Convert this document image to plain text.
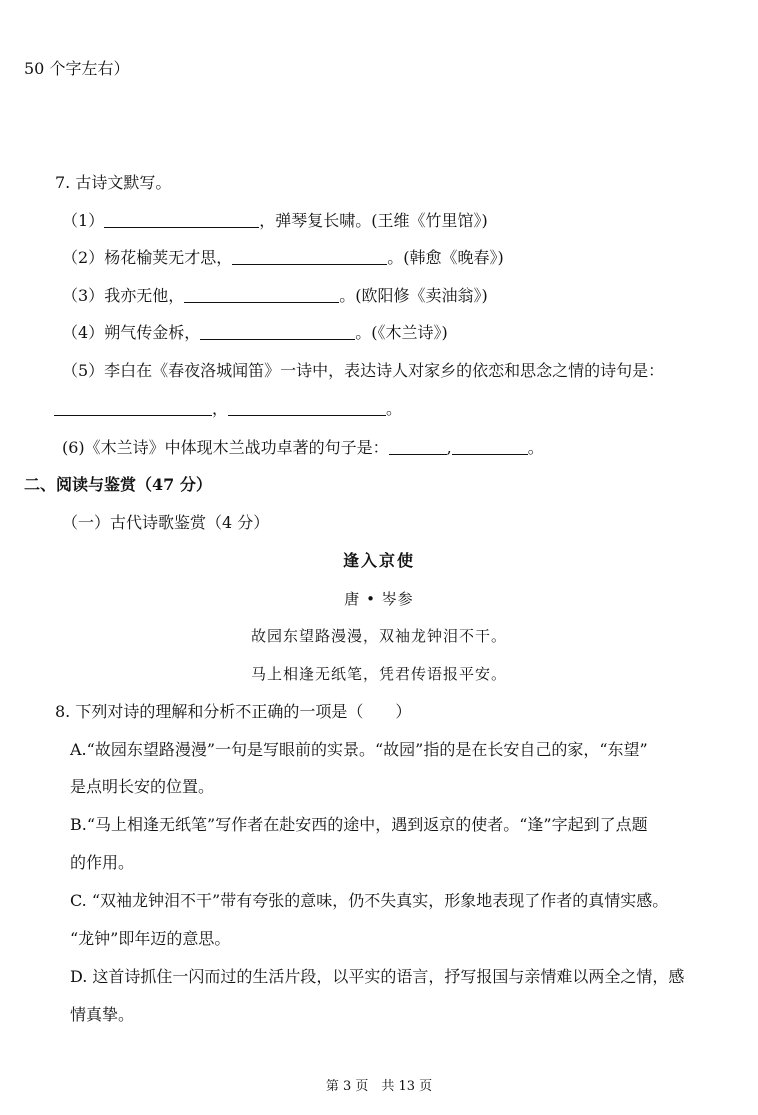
50 个字左右）
7. 古诗文默写。
（1）	，弹琴复长啸。(王维《竹里馆》)
（2）杨花榆荚无才思，	。(韩愈《晚春》)
（3）我亦无他，	。(欧阳修《卖油翁》)
（4）朔气传金柝，	。(《木兰诗》)
（5）李白在《春夜洛城闻笛》一诗中，表达诗人对家乡的依恋和思念之情的诗句是：
，	。
(6)《木兰诗》中体现木兰战功卓著的句子是：	,	。
二、阅读与鉴赏（47 分）
（一）古代诗歌鉴赏（4 分）
逢入京使
唐 • 岑参
故园东望路漫漫，双袖龙钟泪不干。
马上相逢无纸笔，凭君传语报平安。
8. 下列对诗的理解和分析不正确的一项是（　　）
A.“故园东望路漫漫”一句是写眼前的实景。“故园”指的是在长安自己的家，“东望”
是点明长安的位置。
B.“马上相逢无纸笔”写作者在赴安西的途中，遇到返京的使者。“逢”字起到了点题
的作用。
C. “双袖龙钟泪不干”带有夸张的意味，仍不失真实，形象地表现了作者的真情实感。
“龙钟”即年迈的意思。
D. 这首诗抓住一闪而过的生活片段，以平实的语言，抒写报国与亲情难以两全之情，感
情真挚。
第 3 页　共 13 页
